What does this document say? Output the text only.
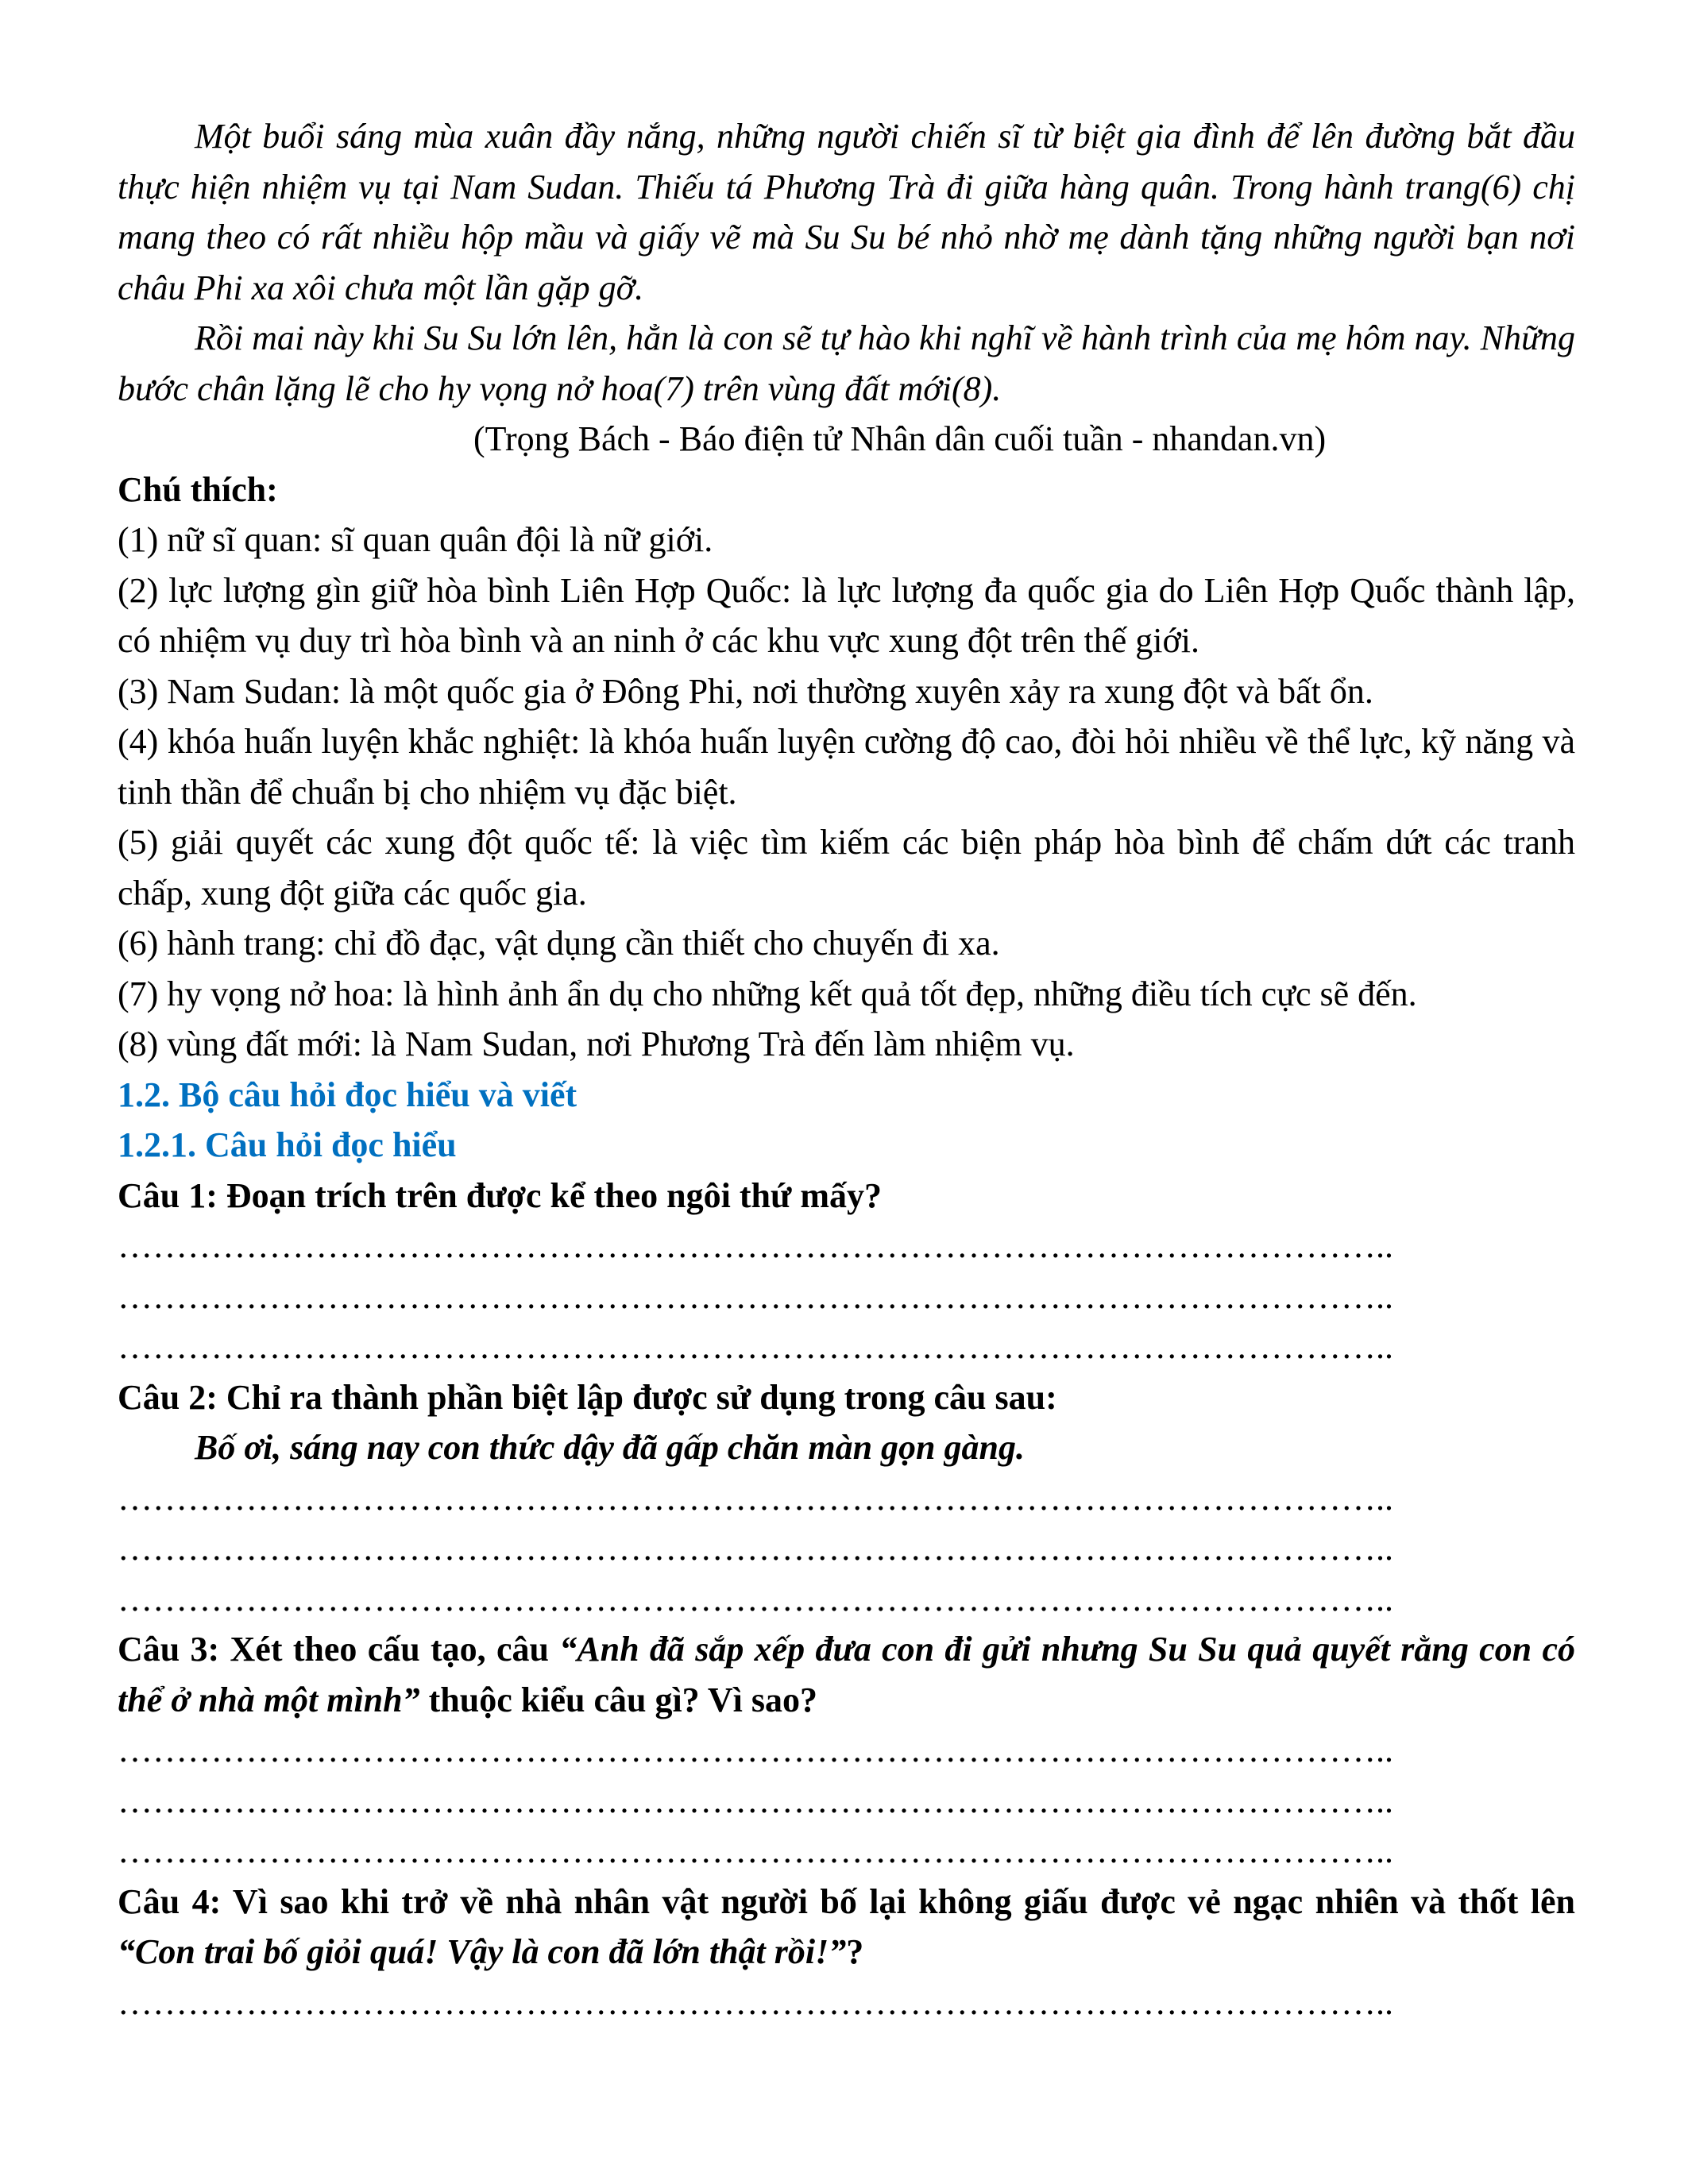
Một buổi sáng mùa xuân đầy nắng, những người chiến sĩ từ biệt gia đình để lên đường bắt đầu thực hiện nhiệm vụ tại Nam Sudan. Thiếu tá Phương Trà đi giữa hàng quân. Trong hành trang(6) chị mang theo có rất nhiều hộp mầu và giấy vẽ mà Su Su bé nhỏ nhờ mẹ dành tặng những người bạn nơi châu Phi xa xôi chưa một lần gặp gỡ.

Rồi mai này khi Su Su lớn lên, hẳn là con sẽ tự hào khi nghĩ về hành trình của mẹ hôm nay. Những bước chân lặng lẽ cho hy vọng nở hoa(7) trên vùng đất mới(8).

(Trọng Bách - Báo điện tử Nhân dân cuối tuần - nhandan.vn)

Chú thích:

(1) nữ sĩ quan: sĩ quan quân đội là nữ giới.

(2) lực lượng gìn giữ hòa bình Liên Hợp Quốc: là lực lượng đa quốc gia do Liên Hợp Quốc thành lập, có nhiệm vụ duy trì hòa bình và an ninh ở các khu vực xung đột trên thế giới.

(3) Nam Sudan: là một quốc gia ở Đông Phi, nơi thường xuyên xảy ra xung đột và bất ổn.

(4) khóa huấn luyện khắc nghiệt: là khóa huấn luyện cường độ cao, đòi hỏi nhiều về thể lực, kỹ năng và tinh thần để chuẩn bị cho nhiệm vụ đặc biệt.

(5) giải quyết các xung đột quốc tế: là việc tìm kiếm các biện pháp hòa bình để chấm dứt các tranh chấp, xung đột giữa các quốc gia.

(6) hành trang: chỉ đồ đạc, vật dụng cần thiết cho chuyến đi xa.

(7) hy vọng nở hoa: là hình ảnh ẩn dụ cho những kết quả tốt đẹp, những điều tích cực sẽ đến.

(8) vùng đất mới: là Nam Sudan, nơi Phương Trà đến làm nhiệm vụ.

1.2. Bộ câu hỏi đọc hiểu và viết

1.2.1. Câu hỏi đọc hiểu

Câu 1: Đoạn trích trên được kể theo ngôi thứ mấy?

………………………………………………………………………………………………..

………………………………………………………………………………………………..

………………………………………………………………………………………………..

Câu 2: Chỉ ra thành phần biệt lập được sử dụng trong câu sau:

Bố ơi, sáng nay con thức dậy đã gấp chăn màn gọn gàng.

………………………………………………………………………………………………..

………………………………………………………………………………………………..

………………………………………………………………………………………………..

Câu 3: Xét theo cấu tạo, câu “Anh đã sắp xếp đưa con đi gửi nhưng Su Su quả quyết rằng con có thể ở nhà một mình” thuộc kiểu câu gì? Vì sao?

………………………………………………………………………………………………..

………………………………………………………………………………………………..

………………………………………………………………………………………………..

Câu 4: Vì sao khi trở về nhà nhân vật người bố lại không giấu được vẻ ngạc nhiên và thốt lên “Con trai bố giỏi quá! Vậy là con đã lớn thật rồi!”?

………………………………………………………………………………………………..
